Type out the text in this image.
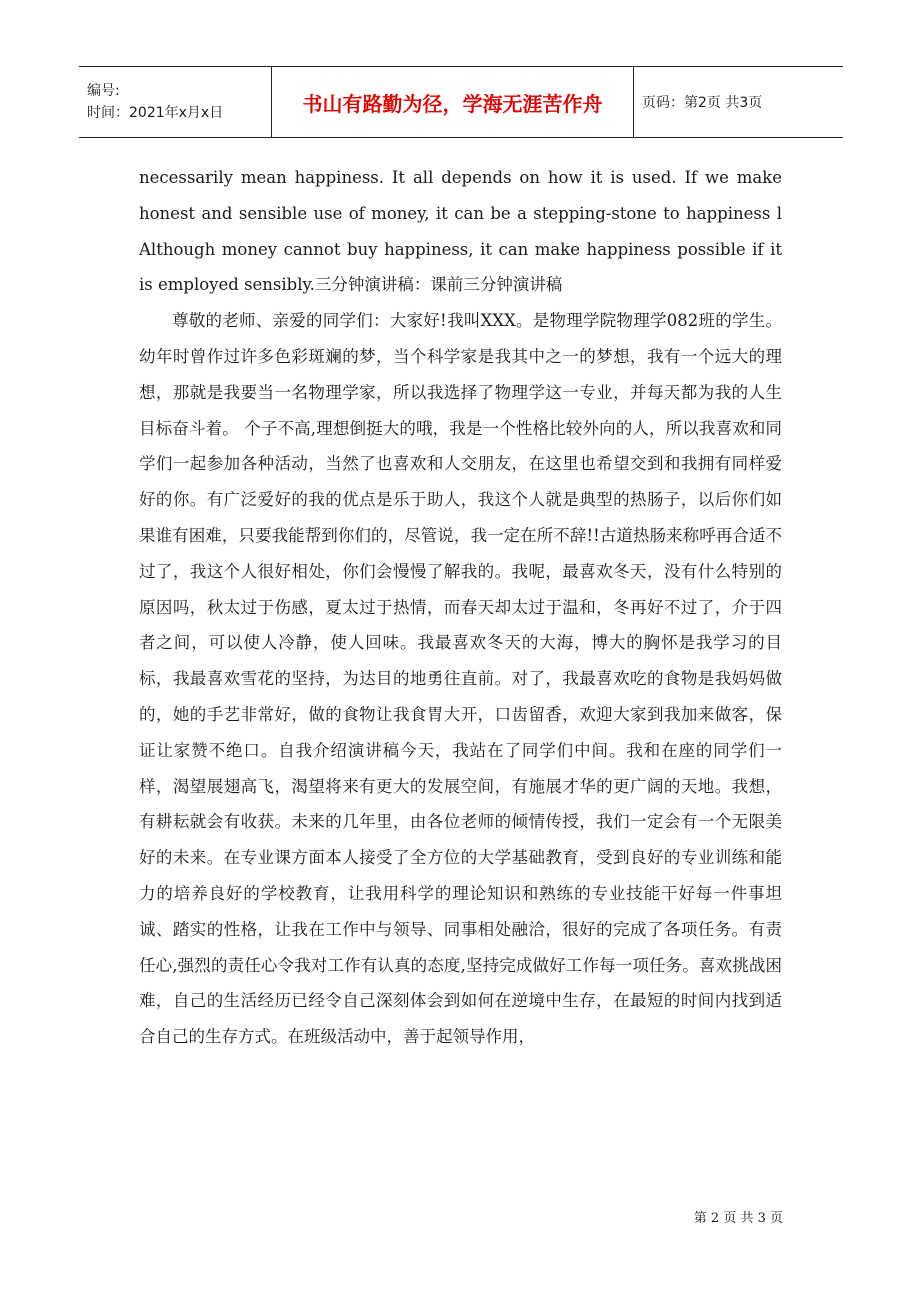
编号:
时间：2021年x月x日	书山有路勤为径，学海无涯苦作舟	页码：第2页 共3页

necessarily mean happiness. It all depends on how it is used. If we make honest and sensible use of money, it can be a stepping-stone to happiness l Although money cannot buy happiness, it can make happiness possible if it is employed sensibly.三分钟演讲稿：课前三分钟演讲稿

尊敬的老师、亲爱的同学们：大家好!我叫XXX。是物理学院物理学082班的学生。幼年时曾作过许多色彩斑斓的梦，当个科学家是我其中之一的梦想，我有一个远大的理想，那就是我要当一名物理学家，所以我选择了物理学这一专业，并每天都为我的人生目标奋斗着。 个子不高,理想倒挺大的哦，我是一个性格比较外向的人，所以我喜欢和同学们一起参加各种活动，当然了也喜欢和人交朋友，在这里也希望交到和我拥有同样爱好的你。有广泛爱好的我的优点是乐于助人，我这个人就是典型的热肠子，以后你们如果谁有困难，只要我能帮到你们的，尽管说，我一定在所不辞!!古道热肠来称呼再合适不过了，我这个人很好相处，你们会慢慢了解我的。我呢，最喜欢冬天，没有什么特别的原因吗，秋太过于伤感，夏太过于热情，而春天却太过于温和，冬再好不过了，介于四者之间，可以使人冷静，使人回味。我最喜欢冬天的大海，博大的胸怀是我学习的目标，我最喜欢雪花的坚持，为达目的地勇往直前。对了，我最喜欢吃的食物是我妈妈做的，她的手艺非常好，做的食物让我食胃大开，口齿留香，欢迎大家到我加来做客，保证让家赞不绝口。自我介绍演讲稿今天，我站在了同学们中间。我和在座的同学们一样，渴望展翅高飞，渴望将来有更大的发展空间，有施展才华的更广阔的天地。我想，有耕耘就会有收获。未来的几年里，由各位老师的倾情传授，我们一定会有一个无限美好的未来。在专业课方面本人接受了全方位的大学基础教育，受到良好的专业训练和能力的培养良好的学校教育，让我用科学的理论知识和熟练的专业技能干好每一件事坦诚、踏实的性格，让我在工作中与领导、同事相处融洽，很好的完成了各项任务。有责任心,强烈的责任心令我对工作有认真的态度,坚持完成做好工作每一项任务。喜欢挑战困难，自己的生活经历已经令自己深刻体会到如何在逆境中生存，在最短的时间内找到适合自己的生存方式。在班级活动中，善于起领导作用，

第 2 页 共 3 页
